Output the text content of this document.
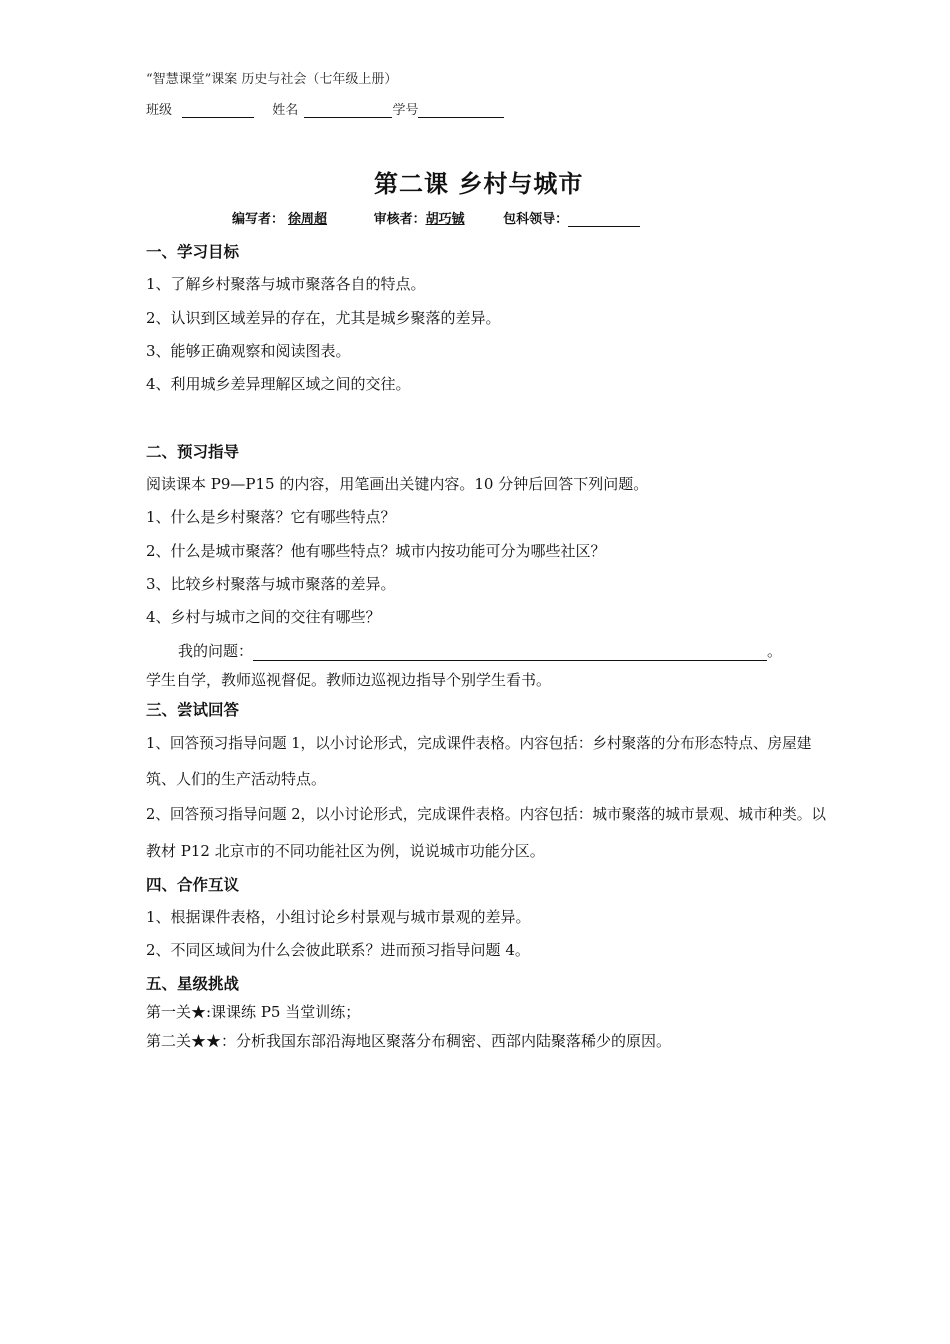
“智慧课堂”课案 历史与社会（七年级上册）
班级	姓名	学号
第二课 乡村与城市
编写者： 徐周超	审核者：胡巧铖	包科领导：
一、学习目标
1、了解乡村聚落与城市聚落各自的特点。
2、认识到区域差异的存在，尤其是城乡聚落的差异。
3、能够正确观察和阅读图表。
4、利用城乡差异理解区域之间的交往。
二、预习指导
阅读课本 P9—P15 的内容，用笔画出关键内容。10 分钟后回答下列问题。
1、什么是乡村聚落？它有哪些特点？
2、什么是城市聚落？他有哪些特点？城市内按功能可分为哪些社区？
3、比较乡村聚落与城市聚落的差异。
4、乡村与城市之间的交往有哪些？
我的问题：	。
学生自学，教师巡视督促。教师边巡视边指导个别学生看书。
三、尝试回答
1、回答预习指导问题 1，以小讨论形式，完成课件表格。内容包括：乡村聚落的分布形态特点、房屋建
筑、人们的生产活动特点。
2、回答预习指导问题 2，以小讨论形式，完成课件表格。内容包括：城市聚落的城市景观、城市种类。以
教材 P12 北京市的不同功能社区为例，说说城市功能分区。
四、合作互议
1、根据课件表格，小组讨论乡村景观与城市景观的差异。
2、不同区域间为什么会彼此联系？进而预习指导问题 4。
五、星级挑战
第一关★:课课练 P5 当堂训练；
第二关★★：分析我国东部沿海地区聚落分布稠密、西部内陆聚落稀少的原因。
